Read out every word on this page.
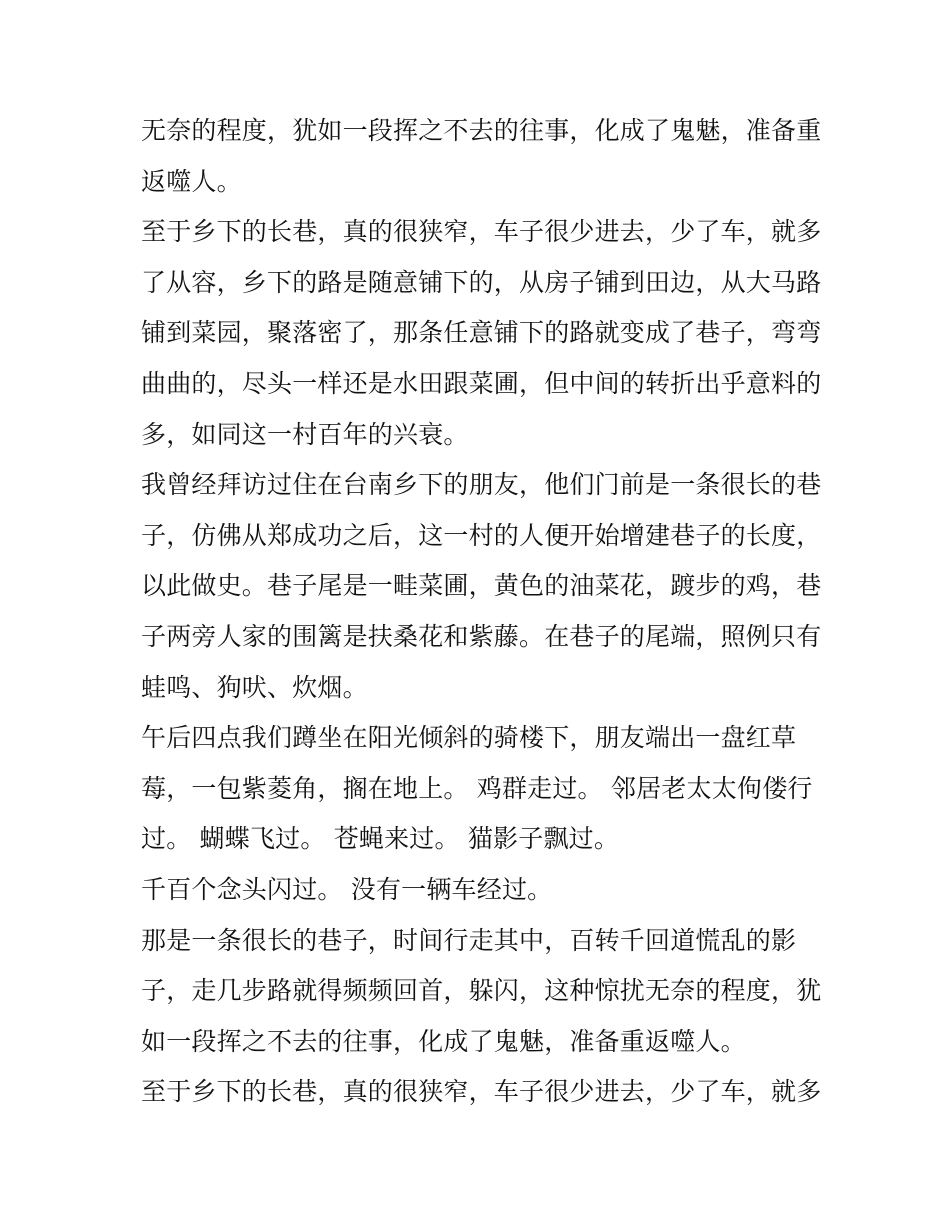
无奈的程度，犹如一段挥之不去的往事，化成了鬼魅，准备重
返噬人。
至于乡下的长巷，真的很狭窄，车子很少进去，少了车，就多
了从容，乡下的路是随意铺下的，从房子铺到田边，从大马路
铺到菜园，聚落密了，那条任意铺下的路就变成了巷子，弯弯
曲曲的，尽头一样还是水田跟菜圃，但中间的转折出乎意料的
多，如同这一村百年的兴衰。
我曾经拜访过住在台南乡下的朋友，他们门前是一条很长的巷
子，仿佛从郑成功之后，这一村的人便开始增建巷子的长度，
以此做史。巷子尾是一畦菜圃，黄色的油菜花，踱步的鸡，巷
子两旁人家的围篱是扶桑花和紫藤。在巷子的尾端，照例只有
蛙鸣、狗吠、炊烟。
午后四点我们蹲坐在阳光倾斜的骑楼下，朋友端出一盘红草
莓，一包紫菱角，搁在地上。 鸡群走过。 邻居老太太佝偻行
过。 蝴蝶飞过。 苍蝇来过。 猫影子飘过。
千百个念头闪过。 没有一辆车经过。
那是一条很长的巷子，时间行走其中，百转千回道慌乱的影
子，走几步路就得频频回首，躲闪，这种惊扰无奈的程度，犹
如一段挥之不去的往事，化成了鬼魅，准备重返噬人。
至于乡下的长巷，真的很狭窄，车子很少进去，少了车，就多
